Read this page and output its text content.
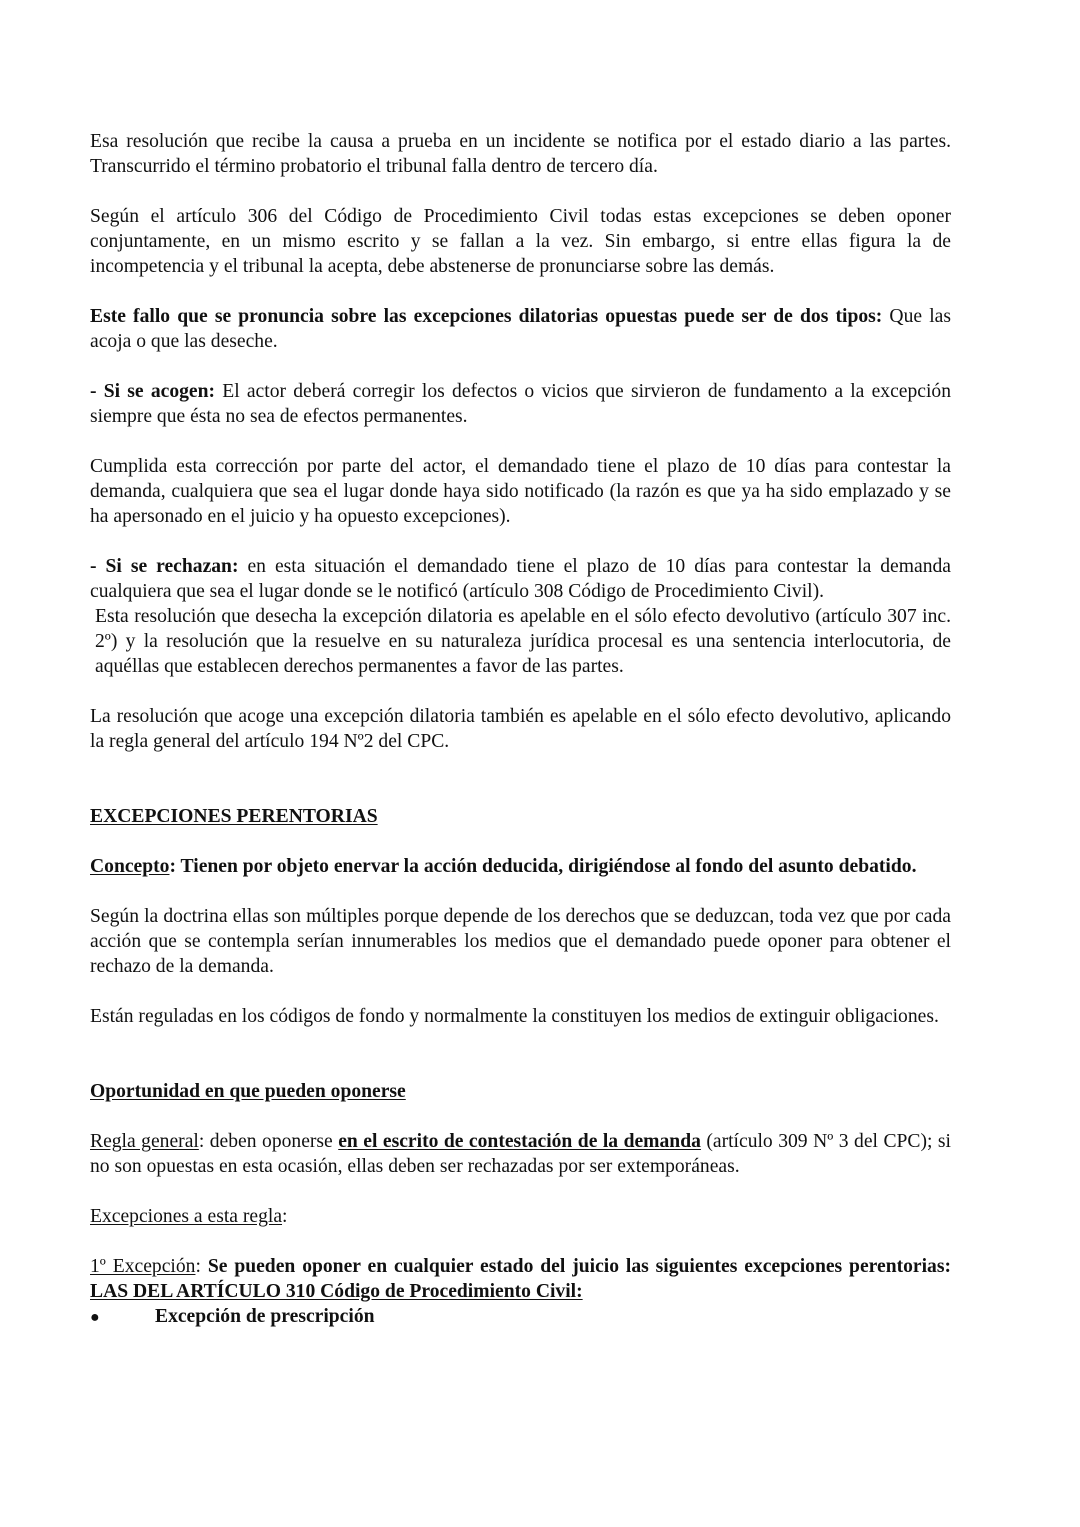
Esa resolución que recibe la causa a prueba en un incidente se notifica por el estado diario a las partes. Transcurrido el término probatorio el tribunal falla dentro de tercero día.

Según el artículo 306 del Código de Procedimiento Civil todas estas excepciones se deben oponer conjuntamente, en un mismo escrito y se fallan a la vez. Sin embargo, si entre ellas figura la de incompetencia y el tribunal la acepta, debe abstenerse de pronunciarse sobre las demás.

Este fallo que se pronuncia sobre las excepciones dilatorias opuestas puede ser de dos tipos: Que las acoja o que las deseche.

- Si se acogen: El actor deberá corregir los defectos o vicios que sirvieron de fundamento a la excepción siempre que ésta no sea de efectos permanentes.

Cumplida esta corrección por parte del actor, el demandado tiene el plazo de 10 días para contestar la demanda, cualquiera que sea el lugar donde haya sido notificado (la razón es que ya ha sido emplazado y se ha apersonado en el juicio y ha opuesto excepciones).

- Si se rechazan: en esta situación el demandado tiene el plazo de 10 días para contestar la demanda cualquiera que sea el lugar donde se le notificó (artículo 308 Código de Procedimiento Civil).

Esta resolución que desecha la excepción dilatoria es apelable en el sólo efecto devolutivo (artículo 307 inc. 2º) y la resolución que la resuelve en su naturaleza jurídica procesal es una sentencia interlocutoria, de aquéllas que establecen derechos permanentes a favor de las partes.

La resolución que acoge una excepción dilatoria también es apelable en el sólo efecto devolutivo, aplicando la regla general del artículo 194 Nº2 del CPC.

EXCEPCIONES PERENTORIAS

Concepto: Tienen por objeto enervar la acción deducida, dirigiéndose al fondo del asunto debatido.

Según la doctrina ellas son múltiples porque depende de los derechos que se deduzcan, toda vez que por cada acción que se contempla serían innumerables los medios que el demandado puede oponer para obtener el rechazo de la demanda.

Están reguladas en los códigos de fondo y normalmente la constituyen los medios de extinguir obligaciones.

Oportunidad en que pueden oponerse

Regla general: deben oponerse en el escrito de contestación de la demanda (artículo 309 Nº 3 del CPC); si no son opuestas en esta ocasión, ellas deben ser rechazadas por ser extemporáneas.

Excepciones a esta regla:

1º Excepción: Se pueden oponer en cualquier estado del juicio las siguientes excepciones perentorias: LAS DEL ARTÍCULO 310 Código de Procedimiento Civil:

●	Excepción de prescripción
